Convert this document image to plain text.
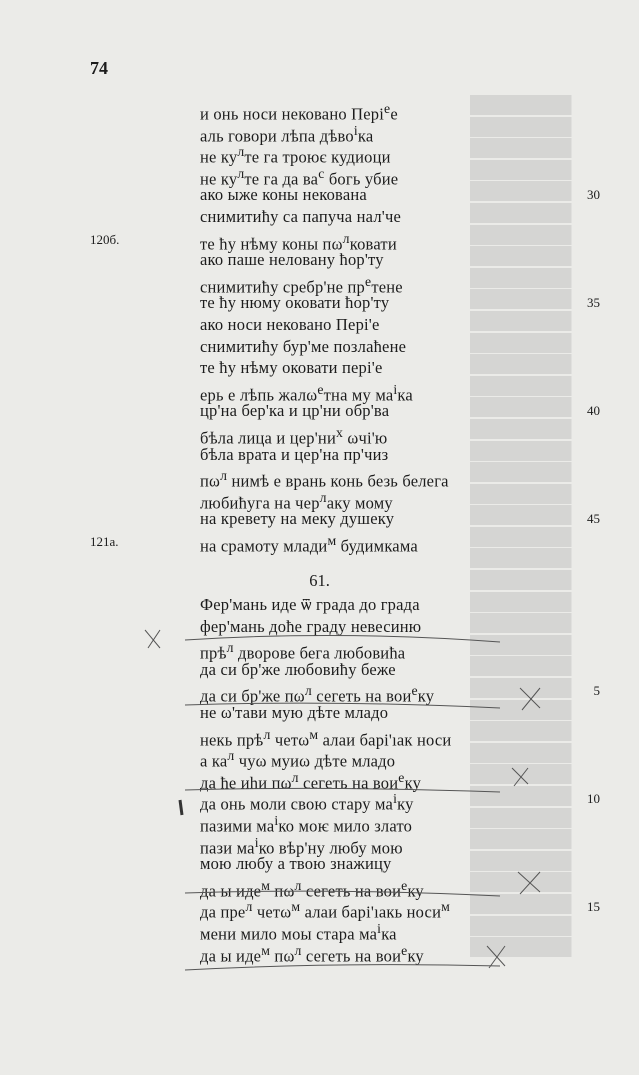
74
и онь носи нековано Пері$^е$е
аль говори лѣпа дѣво$^і$ка
не $ку^лте$ га троює кудиоци
не $ку^лте$ га да $ва^с$ богь убие
ако ыже коны некована
снимитићу са папуча нал'че
те ћу нѣму коны $п\omega^лковати$
ако паше неловану ћор'ту
снимитићу сребр'не $пр^етене$
те ћу нюму оковати ћор'ту
ако носи нековано Пері'е
снимитићу бур'ме позлаћене
те ћу нѣму оковати пері'е
ерь е лѣпь жалω$^е$тна му $ма^іка$
цр'на бер'ка и цр'ни обр'ва
бѣла лица и $цер'ни^х$ ωчі'ю
бѣла врата и цер'на пр'чиз
$п\omega^л$ нимѣ е врань конь безь белега
любићуга на чер$^л$аку мому
на кревету на меку душеку
на срамоту млади$^м$ будимкама
61.
Фер'мань иде ѿ града до града
фер'мань доће граду невесиню
прѣ$^л$ дворове бега любовића
да си бр'же любовићу беже
да си бр'же $п\omega^л$ сегеть на вои$^е$ку
не ω'тави мую дѣте младо
некь прѣ$^л$ четω$^м$ алаи барі'ıак носи
а $ка^л$ чуω муиω дѣте младо
да ће иhи $п\omega^л$ сегеть на вои$^е$ку
да онь моли свою стару $ма^іку$
пазими $ма^іко$ моѥ мило злато
пази $ма^іко$ вѣр'ну любу мою
мою любу а твою знажицу
да ы иде$^м$ $п\omega^л$ сегеть на вои$^е$ку
да пре$^л$ четω$^м$ алаи барі'ıакь носи$^м$
мени мило моы стара $ма^іка$
да ы иде$^м$ $п\omega^л$ сегеть на вои$^е$ку
30
35
40
45
5
10
15
120б.
121а.
